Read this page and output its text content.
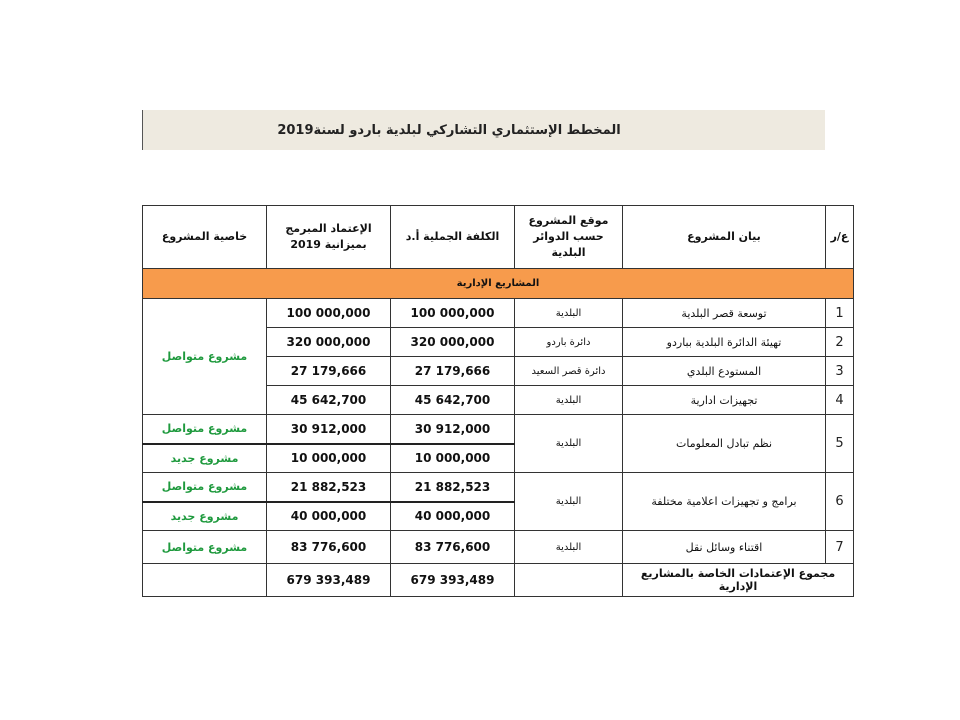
المخطط الإستثماري التشاركي لبلدية باردو لسنة2019
ع/ر	بيان المشروع	موقع المشروع حسب الدوائر البلدية	الكلفة الجملية أ.د	الإعتماد المبرمج بميزانية 2019	خاصية المشروع
المشاريع الإدارية					
1	توسعة قصر البلدية	البلدية	100 000,000	100 000,000	مشروع متواصل
2	تهيئة الدائرة البلدية بباردو	دائرة باردو	320 000,000	320 000,000	
3	المستودع البلدي	دائرة قصر السعيد	27 179,666	27 179,666	
4	تجهيزات ادارية	البلدية	45 642,700	45 642,700	
5	نظم تبادل المعلومات	البلدية	30 912,000	30 912,000	مشروع متواصل
			10 000,000	10 000,000	مشروع جديد
6	برامج و تجهيزات اعلامية مختلفة	البلدية	21 882,523	21 882,523	مشروع متواصل
			40 000,000	40 000,000	مشروع جديد
7	اقتناء وسائل نقل	البلدية	83 776,600	83 776,600	مشروع متواصل
مجموع الإعتمادات الخاصة بالمشاريع الإدارية			679 393,489	679 393,489	
